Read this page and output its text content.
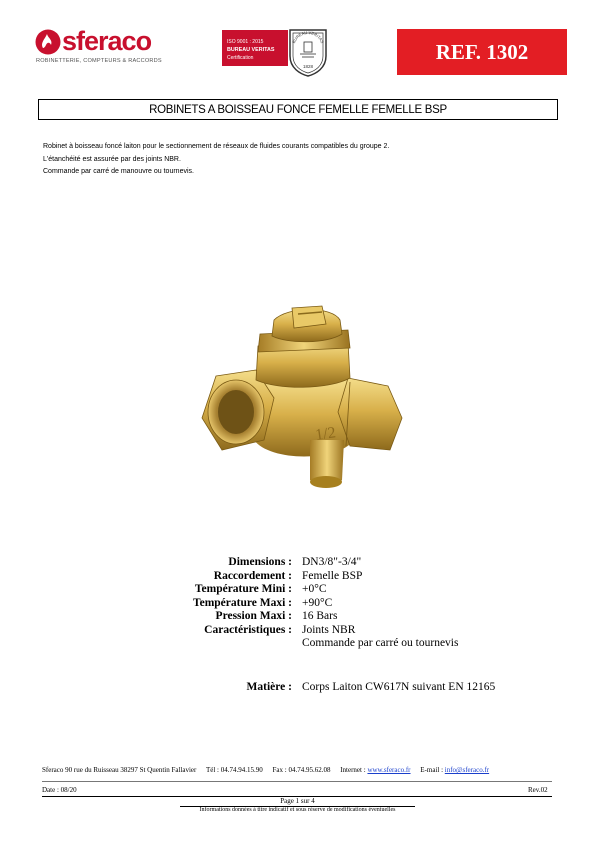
sferaco
ROBINETTERIE, COMPTEURS & RACCORDS
ISO 9001 : 2015
BUREAU VERITAS
Certification
BUREAU VERITAS
1828
REF. 1302
ROBINETS A BOISSEAU FONCE FEMELLE FEMELLE BSP
Robinet à boisseau foncé laiton pour le sectionnement de réseaux de fluides courants compatibles du groupe 2.
L'étanchéité est assurée par des joints NBR.
Commande par carré de manouvre ou tournevis.
1/2
Dimensions : DN3/8"-3/4"
Raccordement : Femelle BSP
Température Mini : +0°C
Température Maxi : +90°C
Pression Maxi : 16 Bars
Caractéristiques : Joints NBR
Commande par carré ou tournevis
Matière : Corps Laiton CW617N suivant EN 12165
Sferaco 90 rue du Ruisseau 38297 St Quentin Fallavier Tél : 04.74.94.15.90 Fax : 04.74.95.62.08 Internet : www.sferaco.fr E-mail : info@sferaco.fr
Date : 08/20	Rev.02
Page 1 sur 4
Informations données à titre indicatif et sous réserve de modifications éventuelles
